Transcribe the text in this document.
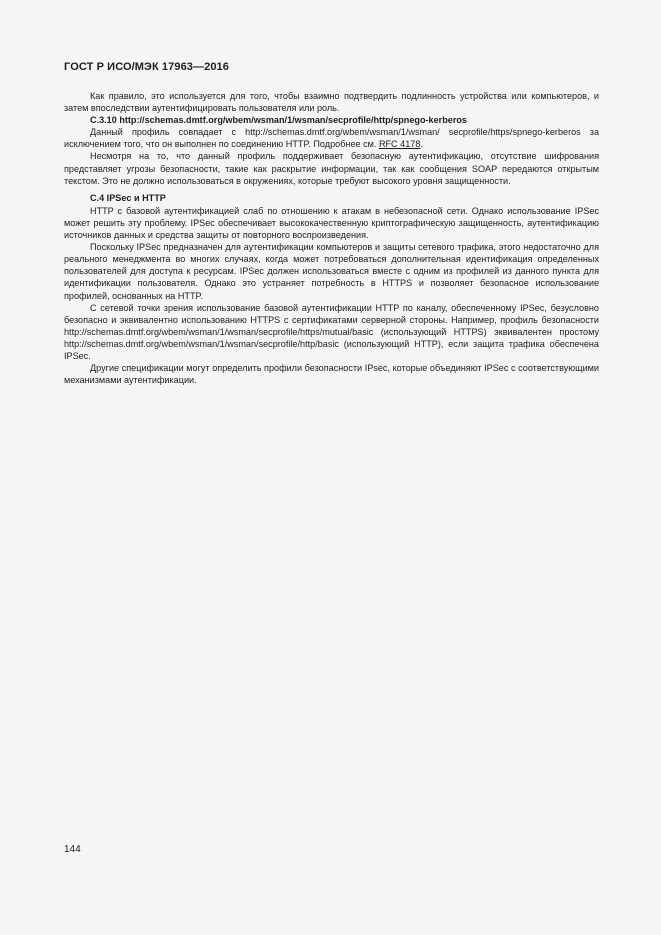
ГОСТ Р ИСО/МЭК 17963—2016

Как правило, это используется для того, чтобы взаимно подтвердить подлинность устройства или компьютеров, и затем впоследствии аутентифицировать пользователя или роль.

C.3.10 http://schemas.dmtf.org/wbem/wsman/1/wsman/secprofile/http/spnego-kerberos

Данный профиль совпадает с http://schemas.dmtf.org/wbem/wsman/1/wsman/ secprofile/https/spnego-kerberos за исключением того, что он выполнен по соединению HTTP. Подробнее см. RFC 4178.

Несмотря на то, что данный профиль поддерживает безопасную аутентификацию, отсутствие шифрования представляет угрозы безопасности, такие как раскрытие информации, так как сообщения SOAP передаются открытым текстом. Это не должно использоваться в окружениях, которые требуют высокого уровня защищенности.

C.4 IPSec и HTTP

HTTP с базовой аутентификацией слаб по отношению к атакам в небезопасной сети. Однако использование IPSec может решить эту проблему. IPSec обеспечивает высококачественную криптографическую защищенность, аутентификацию источников данных и средства защиты от повторного воспроизведения.

Поскольку IPSec предназначен для аутентификации компьютеров и защиты сетевого трафика, этого недостаточно для реального менеджмента во многих случаях, когда может потребоваться дополнительная идентификация определенных пользователей для доступа к ресурсам. IPSec должен использоваться вместе с одним из профилей из данного пункта для идентификации пользователя. Однако это устраняет потребность в HTTPS и позволяет безопасное использование профилей, основанных на HTTP.

С сетевой точки зрения использование базовой аутентификации HTTP по каналу, обеспеченному IPSec, безусловно безопасно и эквивалентно использованию HTTPS с сертификатами серверной стороны. Например, профиль безопасности http://schemas.dmtf.org/wbem/wsman/1/wsman/secprofile/https/mutual/basic (использующий HTTPS) эквивалентен простому http://schemas.dmtf.org/wbem/wsman/1/wsman/secprofile/http/basic (использующий HTTP), если защита трафика обеспечена IPSec.

Другие спецификации могут определить профили безопасности IPsec, которые объединяют IPSec с соответствующими механизмами аутентификации.

144
